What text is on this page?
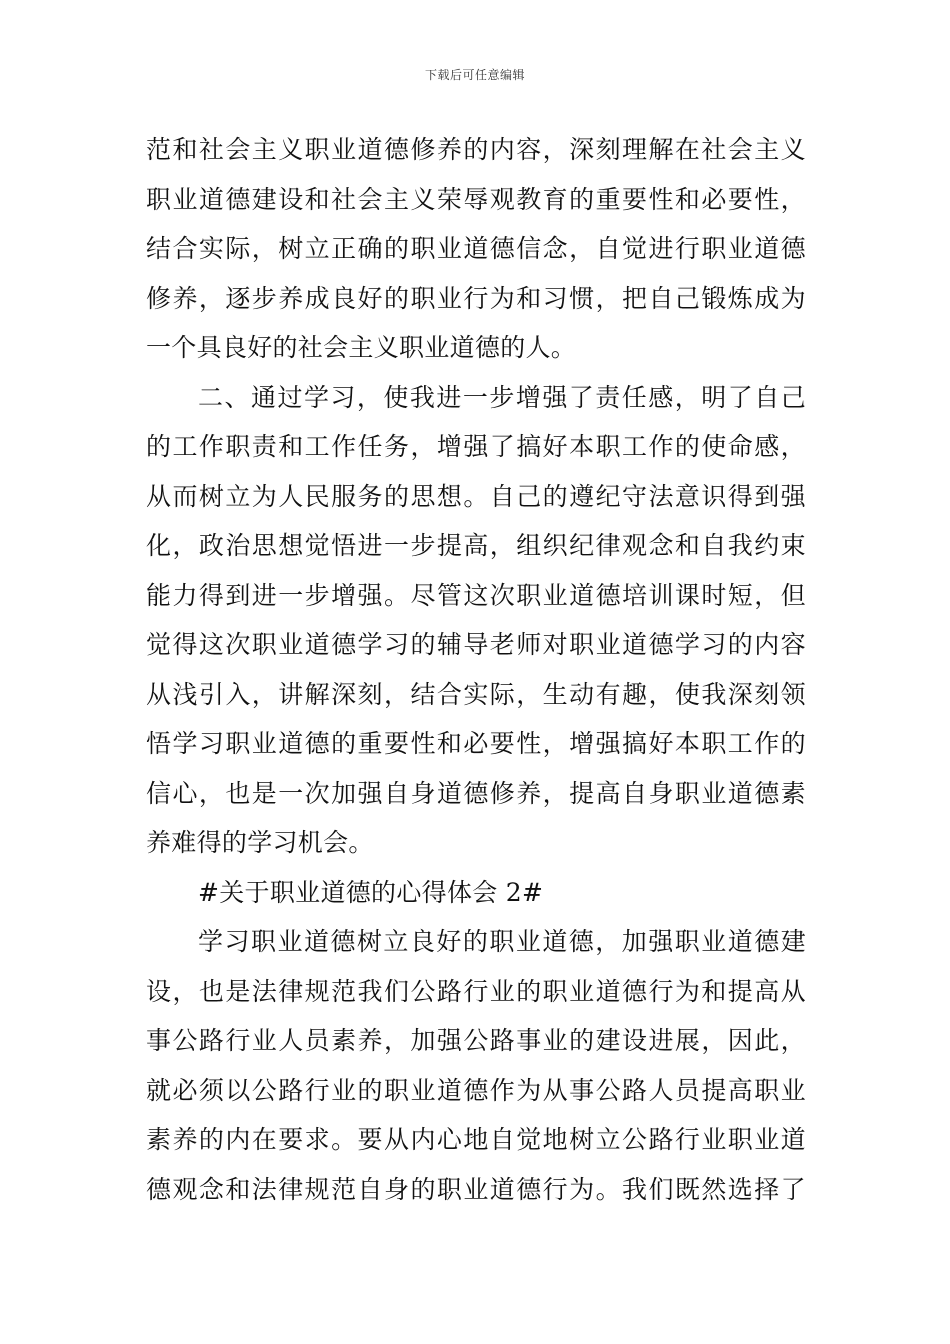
下载后可任意编辑
范和社会主义职业道德修养的内容，深刻理解在社会主义
职业道德建设和社会主义荣辱观教育的重要性和必要性，
结合实际，树立正确的职业道德信念，自觉进行职业道德
修养，逐步养成良好的职业行为和习惯，把自己锻炼成为
一个具良好的社会主义职业道德的人。
二、通过学习，使我进一步增强了责任感，明了自己
的工作职责和工作任务，增强了搞好本职工作的使命感，
从而树立为人民服务的思想。自己的遵纪守法意识得到强
化，政治思想觉悟进一步提高，组织纪律观念和自我约束
能力得到进一步增强。尽管这次职业道德培训课时短，但
觉得这次职业道德学习的辅导老师对职业道德学习的内容
从浅引入，讲解深刻，结合实际，生动有趣，使我深刻领
悟学习职业道德的重要性和必要性，增强搞好本职工作的
信心，也是一次加强自身道德修养，提高自身职业道德素
养难得的学习机会。
#关于职业道德的心得体会 2#
学习职业道德树立良好的职业道德，加强职业道德建
设，也是法律规范我们公路行业的职业道德行为和提高从
事公路行业人员素养，加强公路事业的建设进展，因此，
就必须以公路行业的职业道德作为从事公路人员提高职业
素养的内在要求。要从内心地自觉地树立公路行业职业道
德观念和法律规范自身的职业道德行为。我们既然选择了
